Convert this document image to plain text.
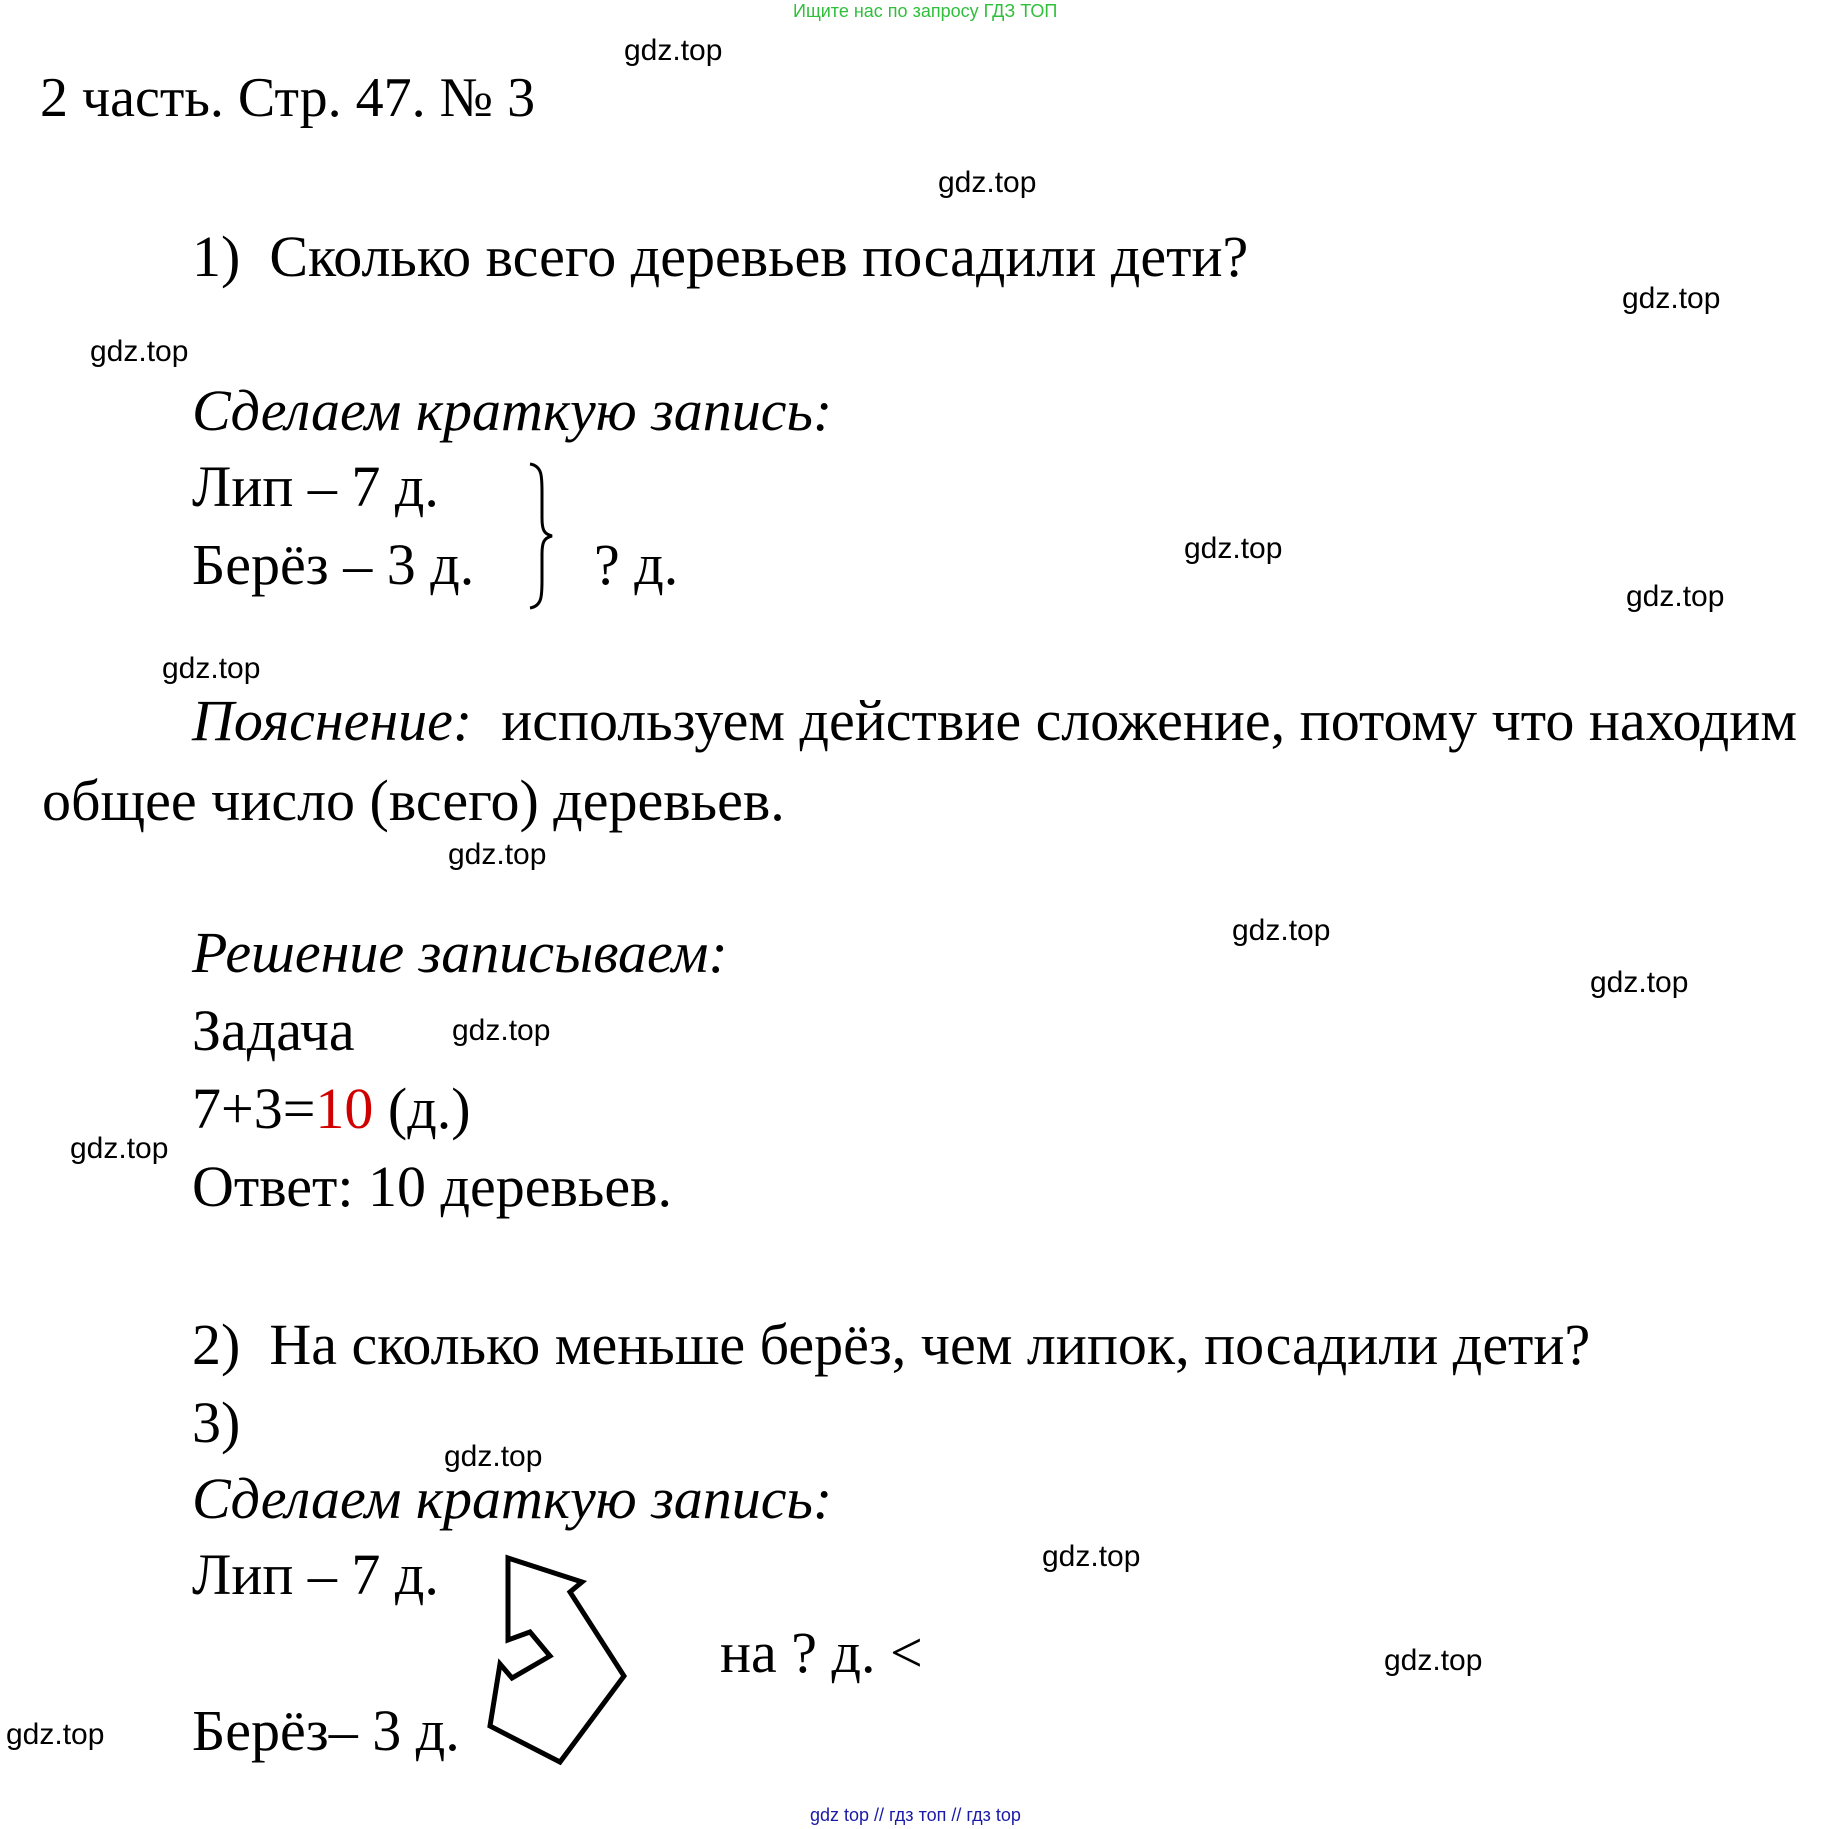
Ищите нас по запросу ГДЗ ТОП
2 часть. Стр. 47. № 3
1) Сколько всего деревьев посадили дети?
Сделаем краткую запись:
Лип – 7 д.
Берёз – 3 д. ? д.
Пояснение: используем действие сложение, потому что находим
общее число (всего) деревьев.
Решение записываем:
Задача
7+3=10 (д.)
Ответ: 10 деревьев.
2) На сколько меньше берёз, чем липок, посадили дети?
3)
Сделаем краткую запись:
Лип – 7 д.
Берёз– 3 д.
на ? д. <
gdz.top
gdz.top
gdz.top
gdz.top
gdz.top
gdz.top
gdz.top
gdz.top
gdz.top
gdz.top
gdz.top
gdz.top
gdz.top
gdz.top
gdz.top
gdz.top
gdz top // гдз топ // гдз top
